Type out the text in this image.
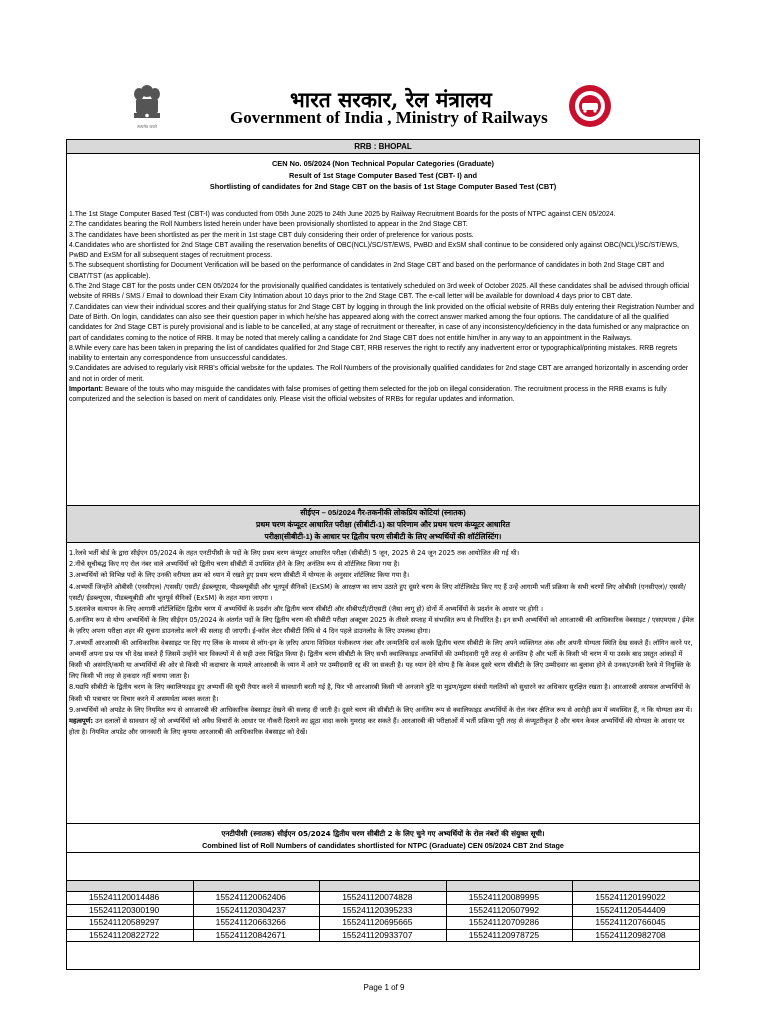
सत्यमेव जयते
भारत सरकार, रेल मंत्रालय
Government of India , Ministry of Railways
RRB : BHOPAL
CEN No. 05/2024 (Non Technical Popular Categories (Graduate)
Result of 1st Stage Computer Based Test (CBT- I) and
Shortlisting of candidates for 2nd Stage CBT on the basis of 1st Stage Computer Based Test (CBT)

1.The 1st Stage Computer Based Test (CBT-I) was conducted from 05th June 2025 to 24th June 2025 by Railway Recruitment Boards for the posts of NTPC against CEN 05/2024.

2.The candidates bearing the Roll Numbers listed herein under have been provisionally shortlisted to appear in the 2nd Stage CBT.

3.The candidates have been shortlisted as per the merit in 1st stage CBT duly considering their order of preference for various posts.

4.Candidates who are shortlisted for 2nd Stage CBT availing the reservation benefits of OBC(NCL)/SC/ST/EWS, PwBD and ExSM shall continue to be considered only against OBC(NCL)/SC/ST/EWS, PwBD and ExSM for all subsequent stages of recruitment process.

5.The subsequent shortlisting for Document Verification will be based on the performance of candidates in 2nd Stage CBT and based on the performance of candidates in both 2nd Stage CBT and CBAT/TST (as applicable).

6.The 2nd Stage CBT for the posts under CEN 05/2024 for the provisionally qualified candidates is tentatively scheduled on 3rd week of October 2025. All these candidates shall be advised through official website of RRBs / SMS / Email to download their Exam City Intimation about 10 days prior to the 2nd Stage CBT. The e-call letter will be available for download 4 days prior to CBT date.

7.Candidates can view their individual scores and their qualifying status for 2nd Stage CBT by logging in through the link provided on the official website of RRBs duly entering their Registration Number and Date of Birth. On login, candidates can also see their question paper in which he/she has appeared along with the correct answer marked among the four options. The candidature of all the qualified candidates for 2nd Stage CBT is purely provisional and is liable to be cancelled, at any stage of recruitment or thereafter, in case of any inconsistency/deficiency in the data furnished or any malpractice on part of candidates coming to the notice of RRB. It may be noted that merely calling a candidate for 2nd Stage CBT does not entitle him/her in any way to an appointment in the Railways.

8.While every care has been taken in preparing the list of candidates qualified for 2nd Stage CBT, RRB reserves the right to rectify any inadvertent error or typographical/printing mistakes. RRB regrets inability to entertain any correspondence from unsuccessful candidates.

9.Candidates are advised to regularly visit RRB's official website for the updates. The Roll Numbers of the provisionally qualified candidates for 2nd stage CBT are arranged horizontally in ascending order and not in order of merit.

Important: Beware of the touts who may misguide the candidates with false promises of getting them selected for the job on illegal consideration. The recruitment process in the RRB exams is fully computerized and the selection is based on merit of candidates only. Please visit the official websites of RRBs for regular updates and information.

सीईएन – 05/2024 गैर-तकनीकी लोकप्रिय कोटियां (स्नातक)
प्रथम चरण कंप्यूटर आधारित परीक्षा (सीबीटी-1) का परिणाम और प्रथम चरण कंप्यूटर आधारित
परीक्षा(सीबीटी-1) के आधार पर द्वितीय चरण सीबीटी के लिए अभ्यर्थियों की शॉर्टलिस्टिंग।

1.रेलवे भर्ती बोर्ड के द्वारा सीईएन 05/2024 के तहत एनटीपीसी के पदों के लिए प्रथम चरण कंप्यूटर आधारित परीक्षा (सीबीटी) 5 जून, 2025 से 24 जून 2025 तक आयोजित की गई थी।

2.नीचे सूचीबद्ध किए गए रोल नंबर वाले अभ्यर्थियों को द्वितीय चरण सीबीटी में उपस्थित होने के लिए अनंतिम रूप से शॉर्टलिस्ट किया गया है।

3.अभ्यर्थियों को विभिन्न पदों के लिए उनकी वरीयता क्रम को ध्यान में रखते हुए प्रथम चरण सीबीटी में योग्यता के अनुसार शॉर्टलिस्ट किया गया है।

4.अभ्यर्थी जिन्होंने ओबीसी (एनसीएल) /एससी/ एसटी/ ईडब्ल्यूएस, पीडब्ल्यूबीडी और भूतपूर्व सैनिकों (ExSM) के आरक्षण का लाभ उठाते हुए दूसरे चरण के लिए शॉर्टलिस्टेड किए गए हैं उन्हें आगामी भर्ती प्रक्रिया के सभी चरणों लिए ओबीसी (एनसीएल)/ एससी/ एसटी/ ईडब्ल्यूएस, पीडब्ल्यूबीडी और भूतपूर्व सैनिकों (ExSM) के तहत माना जाएगा ।

5.दस्तावेज सत्यापन के लिए आगामी शॉर्टलिस्टिंग द्वितीय चरण में अभ्यर्थियों के प्रदर्शन और द्वितीय चरण सीबीटी और सीबीएटी/टीएसटी (जैसा लागू हो) दोनों में अभ्यर्थियों के प्रदर्शन के आधार पर होगी ।

6.अनंतिम रूप से योग्य अभ्यर्थियों के लिए सीईएन 05/2024 के अंतर्गत पदों के लिए द्वितीय चरण की सीबीटी परीक्षा अक्टूबर 2025 के तीसरे सप्ताह में संभावित रूप से निर्धारित है। इन सभी अभ्यर्थियों को आरआरबी की आधिकारिक वेबसाइट / एसएमएस / ईमेल के ज़रिए अपना परीक्षा शहर की सूचना डाउनलोड करने की सलाह दी जाएगी। ई-कॉल लेटर सीबीटी तिथि से 4 दिन पहले डाउनलोड के लिए उपलब्ध होगा।

7.अभ्यर्थी आरआरबी की आधिकारिक वेबसाइट पर दिए गए लिंक के माध्यम से लॉग-इन के ज़रिए अपना विधिवत पंजीकरण नंबर और जन्मतिथि दर्ज करके द्वितीय चरण सीबीटी के लिए अपने व्यक्तिगत अंक और अपनी योग्यता स्थिति देख सकते हैं। लॉगिन करने पर, अभ्यर्थी अपना प्रश्न पत्र भी देख सकते हैं जिसमें उन्होंने चार विकल्पों में से सही उत्तर चिह्नित किया है। द्वितीय चरण सीबीटी के लिए सभी क्वालिफाइड अभ्यर्थियों की उम्मीदवारी पूरी तरह से अनंतिम है और भर्ती के किसी भी चरण में या उसके बाद प्रस्तुत आंकड़ों में किसी भी असंगति/कमी या अभ्यर्थियों की ओर से किसी भी कदाचार के मामले आरआरबी के ध्यान में आने पर उम्मीदवारी रद्द की जा सकती है। यह ध्यान देने योग्य है कि केवल दूसरे चरण सीबीटी के लिए उम्मीदवार का बुलावा होने से उनका/उनकी रेलवे में नियुक्ति के लिए किसी भी तरह से हकदार नहीं बनाया जाता है।

8.यद्यपि सीबीटी के द्वितीय चरण के लिए क्वालिफाइड हुए अभ्यर्थी की सूची तैयार करने में सावधानी बरती गई है, फिर भी आरआरबी किसी भी अनजाने त्रुटि या मुद्रण/मुद्रण संबंधी गलतियों को सुधारने का अधिकार सुरक्षित रखता है। आरआरबी असफल अभ्यर्थियों के किसी भी पत्राचार पर विचार करने में असमर्थता व्यक्त करता है।

9.अभ्यर्थियों को अपडेट के लिए नियमित रूप से आरआरबी की आधिकारिक वेबसाइट देखने की सलाह दी जाती है। दूसरे चरण की सीबीटी के लिए अनंतिम रूप से क्वालिफाइड अभ्यर्थियों के रोल नंबर क्षैतिज रूप से आरोही क्रम में व्यवस्थित हैं, न कि योग्यता क्रम में।

महत्वपूर्ण: उन दलालों से सावधान रहें जो अभ्यर्थियों को अवैध विचारों के आधार पर नौकरी दिलाने का झूठा वादा करके गुमराह कर सकते हैं। आरआरबी की परीक्षाओं में भर्ती प्रक्रिया पूरी तरह से कंप्यूटरीकृत है और चयन केवल अभ्यर्थियों की योग्यता के आधार पर होता है। नियमित अपडेट और जानकारी के लिए कृपया आरआरबी की आधिकारिक वेबसाइट को देखें।

एनटीपीसी (स्नातक) सीईएन 05/2024 द्वितीय चरण सीबीटी 2 के लिए चुने गए अभ्यर्थियों के रोल नंबरों की संयुक्त सूची।
Combined list of Roll Numbers of candidates shortlisted for NTPC (Graduate) CEN 05/2024 CBT 2nd Stage

155241120014486	155241120062406	155241120074828	155241120089995	155241120199022
155241120300190	155241120304237	155241120395233	155241120507992	155241120544409
155241120589297	155241120663266	155241120695665	155241120709286	155241120766045
155241120822722	155241120842671	155241120933707	155241120978725	155241120982708
Page 1 of 9
